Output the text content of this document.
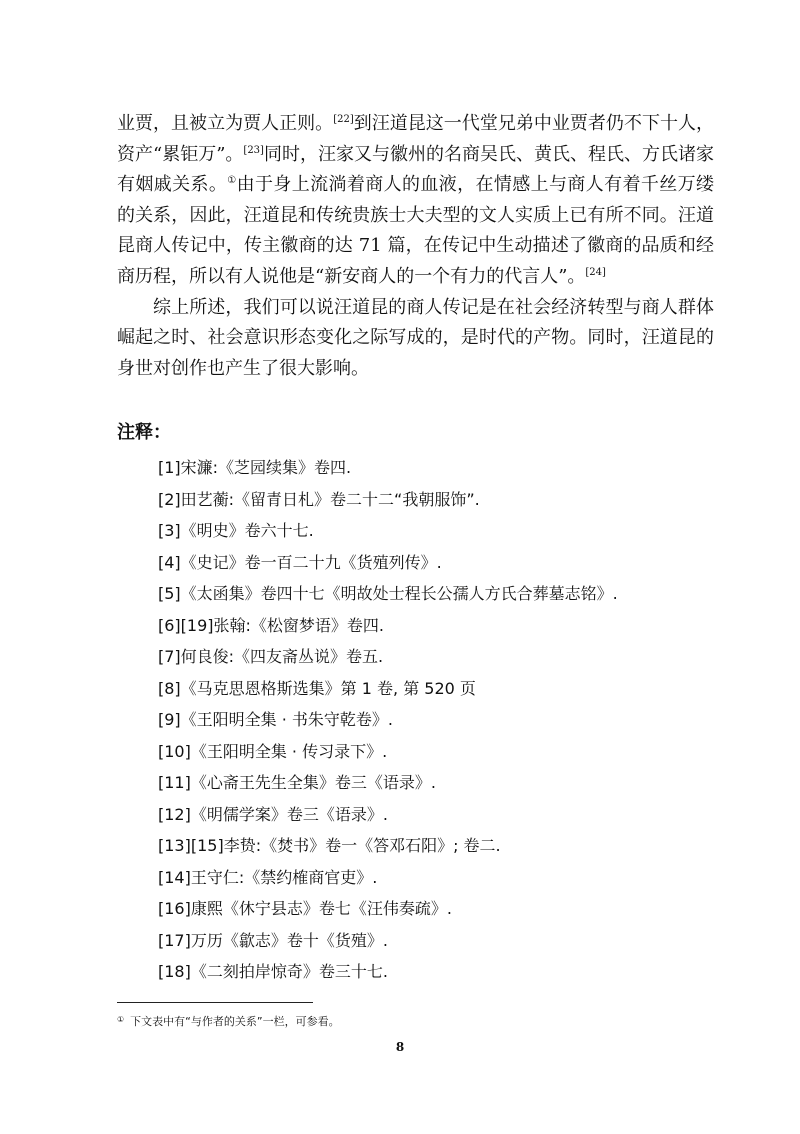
业贾，且被立为贾人正则。[22]到汪道昆这一代堂兄弟中业贾者仍不下十人，资产“累钜万”。[23]同时，汪家又与徽州的名商吴氏、黄氏、程氏、方氏诸家有姻戚关系。①由于身上流淌着商人的血液，在情感上与商人有着千丝万缕的关系，因此，汪道昆和传统贵族士大夫型的文人实质上已有所不同。汪道昆商人传记中，传主徽商的达 71 篇，在传记中生动描述了徽商的品质和经商历程，所以有人说他是“新安商人的一个有力的代言人”。[24]

综上所述，我们可以说汪道昆的商人传记是在社会经济转型与商人群体崛起之时、社会意识形态变化之际写成的，是时代的产物。同时，汪道昆的身世对创作也产生了很大影响。

注释：
[1]宋濂:《芝园续集》卷四.
[2]田艺蘅:《留青日札》卷二十二“我朝服饰”.
[3]《明史》卷六十七.
[4]《史记》卷一百二十九《货殖列传》.
[5]《太函集》卷四十七《明故处士程长公孺人方氏合葬墓志铭》.
[6][19]张翰:《松窗梦语》卷四.
[7]何良俊:《四友斋丛说》卷五.
[8]《马克思恩格斯选集》第 1 卷, 第 520 页
[9]《王阳明全集 · 书朱守乾卷》.
[10]《王阳明全集 · 传习录下》.
[11]《心斋王先生全集》卷三《语录》.
[12]《明儒学案》卷三《语录》.
[13][15]李贽:《焚书》卷一《答邓石阳》; 卷二.
[14]王守仁:《禁约榷商官吏》.
[16]康熙《休宁县志》卷七《汪伟奏疏》.
[17]万历《歙志》卷十《货殖》.
[18]《二刻拍岸惊奇》卷三十七.
① 下文表中有“与作者的关系”一栏，可参看。
8
